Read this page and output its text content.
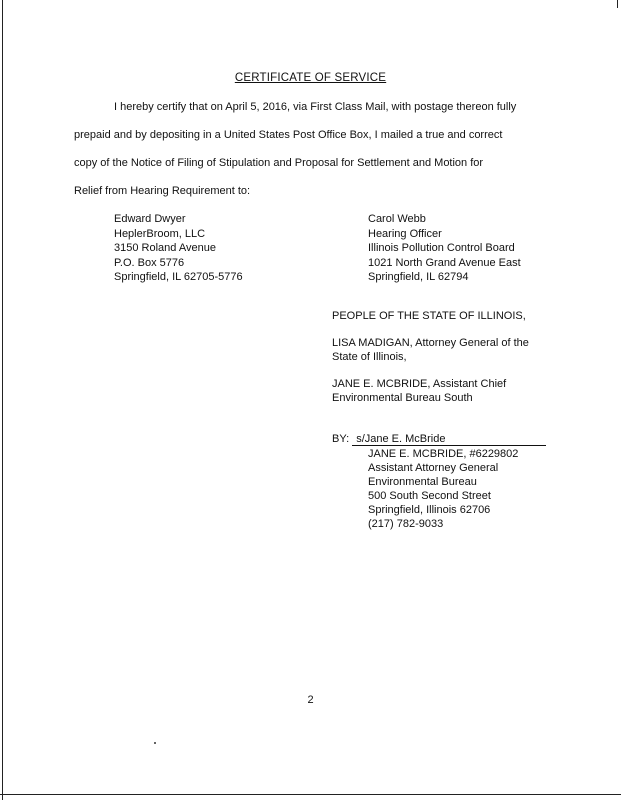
CERTIFICATE OF SERVICE
I hereby certify that on April 5, 2016, via First Class Mail, with postage thereon fully
prepaid and by depositing in a United States Post Office Box, I mailed a true and correct
copy of the Notice of Filing of Stipulation and Proposal for Settlement and Motion for
Relief from Hearing Requirement to:
Edward Dwyer
HeplerBroom, LLC
3150 Roland Avenue
P.O. Box 5776
Springfield, IL 62705-5776
Carol Webb
Hearing Officer
Illinois Pollution Control Board
1021 North Grand Avenue East
Springfield, IL 62794
PEOPLE OF THE STATE OF ILLINOIS,
LISA MADIGAN, Attorney General of the
State of Illinois,
JANE E. MCBRIDE, Assistant Chief
Environmental Bureau South
BY: s/Jane E. McBride
JANE E. MCBRIDE, #6229802
Assistant Attorney General
Environmental Bureau
500 South Second Street
Springfield, Illinois 62706
(217) 782-9033
2
